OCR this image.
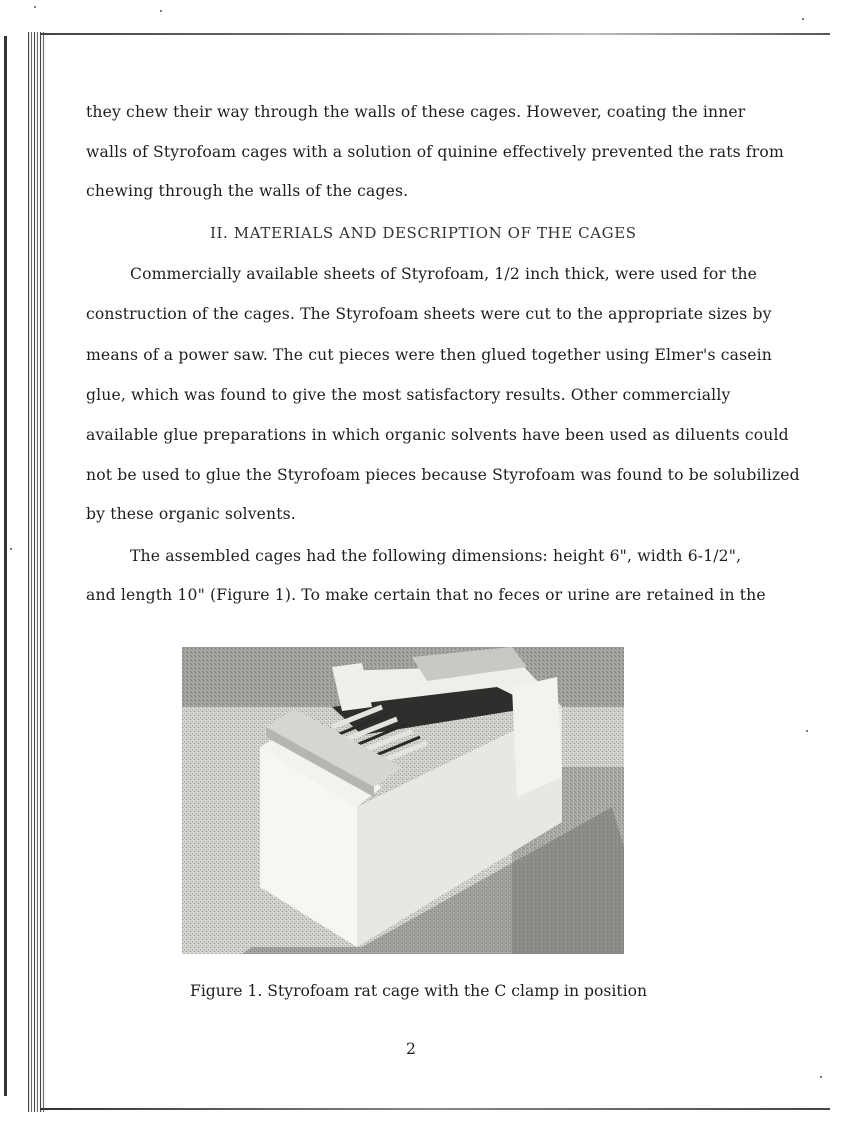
they chew their way through the walls of these cages. However, coating the inner
walls of Styrofoam cages with a solution of quinine effectively prevented the rats from
chewing through the walls of the cages.
II. MATERIALS AND DESCRIPTION OF THE CAGES
Commercially available sheets of Styrofoam, 1/2 inch thick, were used for the
construction of the cages. The Styrofoam sheets were cut to the appropriate sizes by
means of a power saw. The cut pieces were then glued together using Elmer's casein
glue, which was found to give the most satisfactory results. Other commercially
available glue preparations in which organic solvents have been used as diluents could
not be used to glue the Styrofoam pieces because Styrofoam was found to be solubilized
by these organic solvents.
The assembled cages had the following dimensions: height 6", width 6-1/2",
and length 10" (Figure 1). To make certain that no feces or urine are retained in the
Figure 1. Styrofoam rat cage with the C clamp in position
2
